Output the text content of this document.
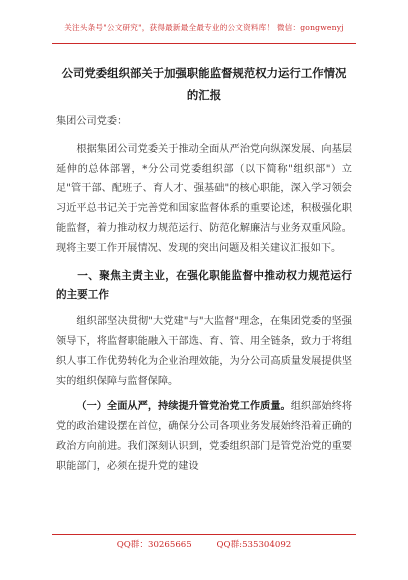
关注头条号"公文研究"，获得最新最全最专业的公文资料库！ 微信：gongwenyj
公司党委组织部关于加强职能监督规范权力运行工作情况
的汇报

集团公司党委：

根据集团公司党委关于推动全面从严治党向纵深发展、向基层延伸的总体部署，*分公司党委组织部（以下简称"组织部"）立足"管干部、配班子、育人才、强基础"的核心职能，深入学习领会习近平总书记关于完善党和国家监督体系的重要论述，积极强化职能监督，着力推动权力规范运行、防范化解廉洁与业务双重风险。现将主要工作开展情况、发现的突出问题及相关建议汇报如下。

一、聚焦主责主业，在强化职能监督中推动权力规范运行的主要工作

组织部坚决贯彻"大党建"与"大监督"理念，在集团党委的坚强领导下，将监督职能融入干部选、育、管、用全链条，致力于将组织人事工作优势转化为企业治理效能，为分公司高质量发展提供坚实的组织保障与监督保障。

（一）全面从严，持续提升管党治党工作质量。组织部始终将党的政治建设摆在首位，确保分公司各项业务发展始终沿着正确的政治方向前进。我们深刻认识到，党委组织部门是管党治党的重要职能部门，必须在提升党的建设

QQ群：30265665	QQ群:535304092
